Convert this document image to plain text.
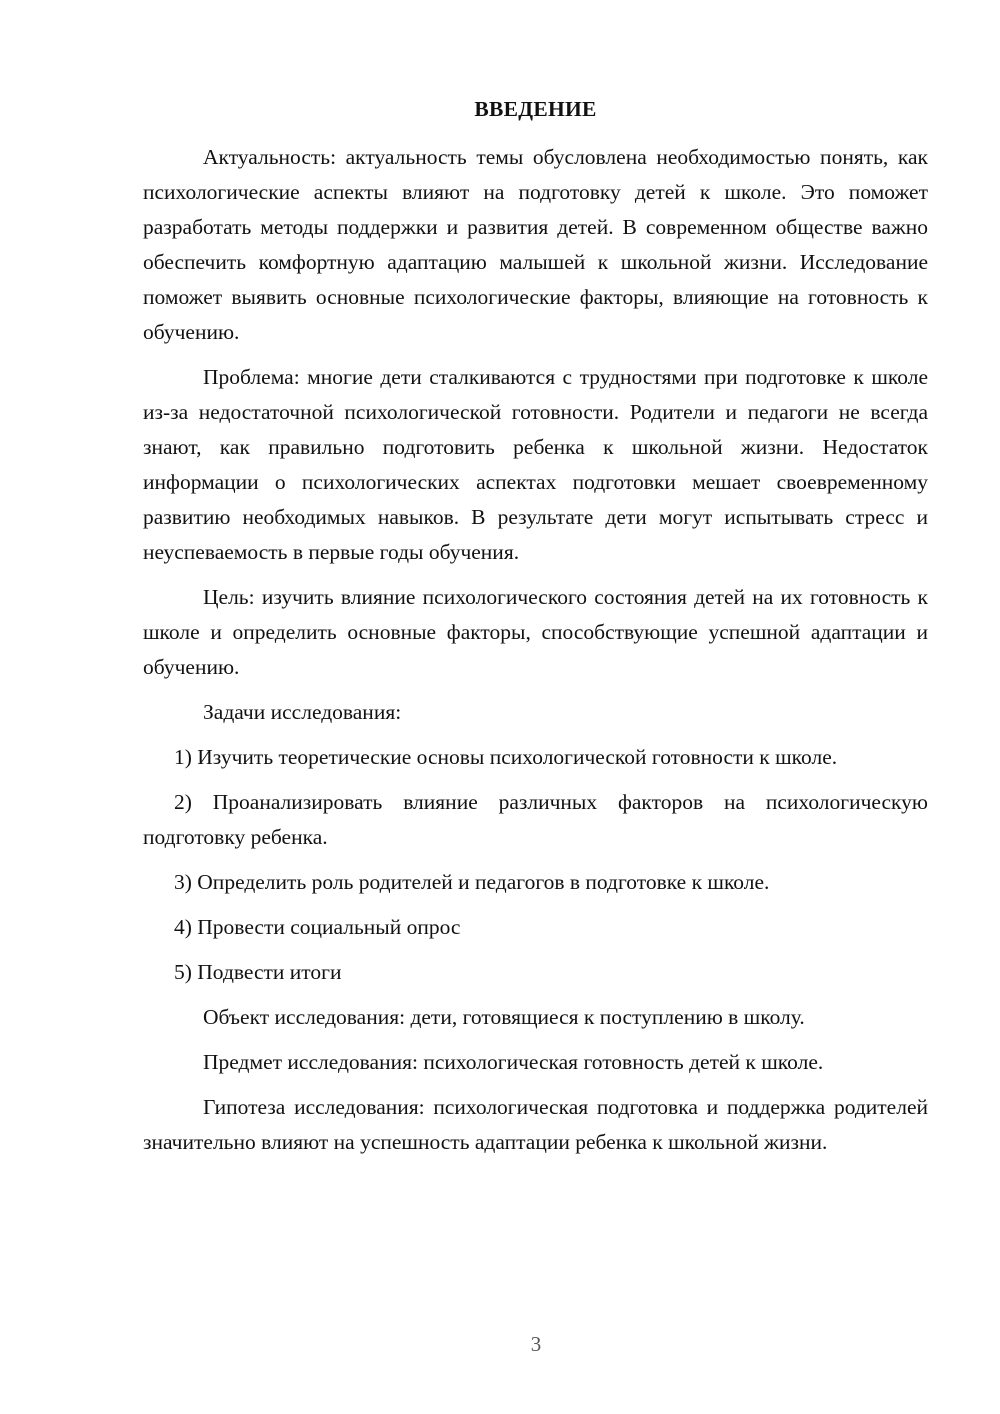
ВВЕДЕНИЕ
Актуальность: актуальность темы обусловлена необходимостью понять, как психологические аспекты влияют на подготовку детей к школе. Это поможет разработать методы поддержки и развития детей. В современном обществе важно обеспечить комфортную адаптацию малышей к школьной жизни. Исследование поможет выявить основные психологические факторы, влияющие на готовность к обучению.
Проблема: многие дети сталкиваются с трудностями при подготовке к школе из-за недостаточной психологической готовности. Родители и педагоги не всегда знают, как правильно подготовить ребенка к школьной жизни. Недостаток информации о психологических аспектах подготовки мешает своевременному развитию необходимых навыков. В результате дети могут испытывать стресс и неуспеваемость в первые годы обучения.
Цель: изучить влияние психологического состояния детей на их готовность к школе и определить основные факторы, способствующие успешной адаптации и обучению.
Задачи исследования:
1) Изучить теоретические основы психологической готовности к школе.
2) Проанализировать влияние различных факторов на психологическую подготовку ребенка.
3) Определить роль родителей и педагогов в подготовке к школе.
4) Провести социальный опрос
5) Подвести итоги
Объект исследования: дети, готовящиеся к поступлению в школу.
Предмет исследования: психологическая готовность детей к школе.
Гипотеза исследования: психологическая подготовка и поддержка родителей значительно влияют на успешность адаптации ребенка к школьной жизни.
3
